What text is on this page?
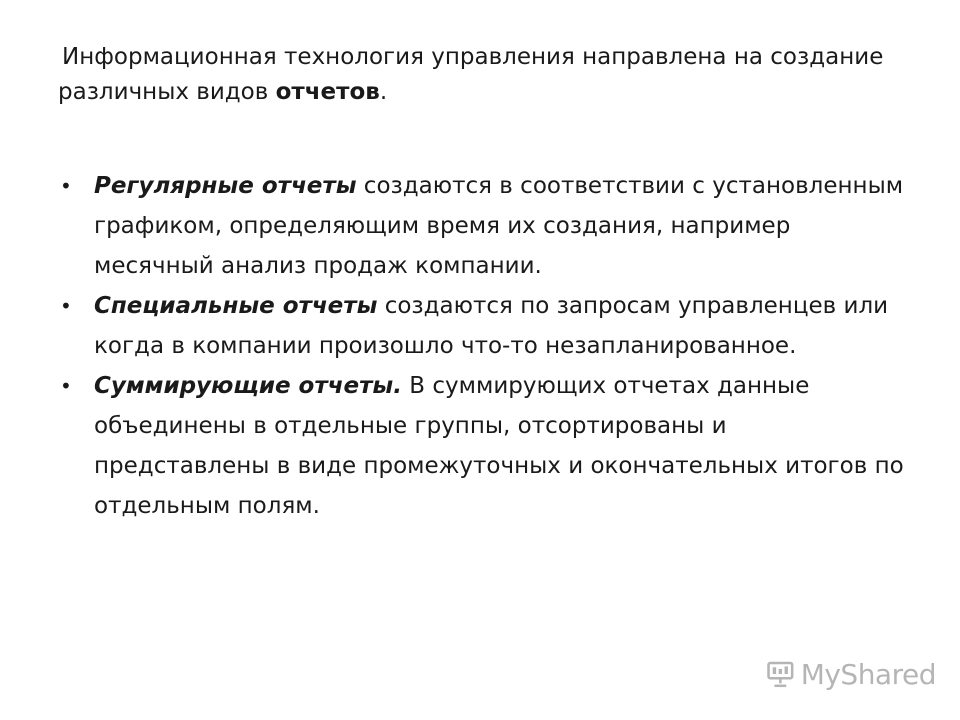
Информационная технология управления направлена на создание различных видов отчетов.
• Регулярные отчеты создаются в соответствии с установленным графиком, определяющим время их создания, например месячный анализ продаж компании.
• Специальные отчеты создаются по запросам управленцев или когда в компании произошло что-то незапланированное.
• Суммирующие отчеты. В суммирующих отчетах данные объединены в отдельные группы, отсортированы и представлены в виде промежуточных и окончательных итогов по отдельным полям.
MyShared
